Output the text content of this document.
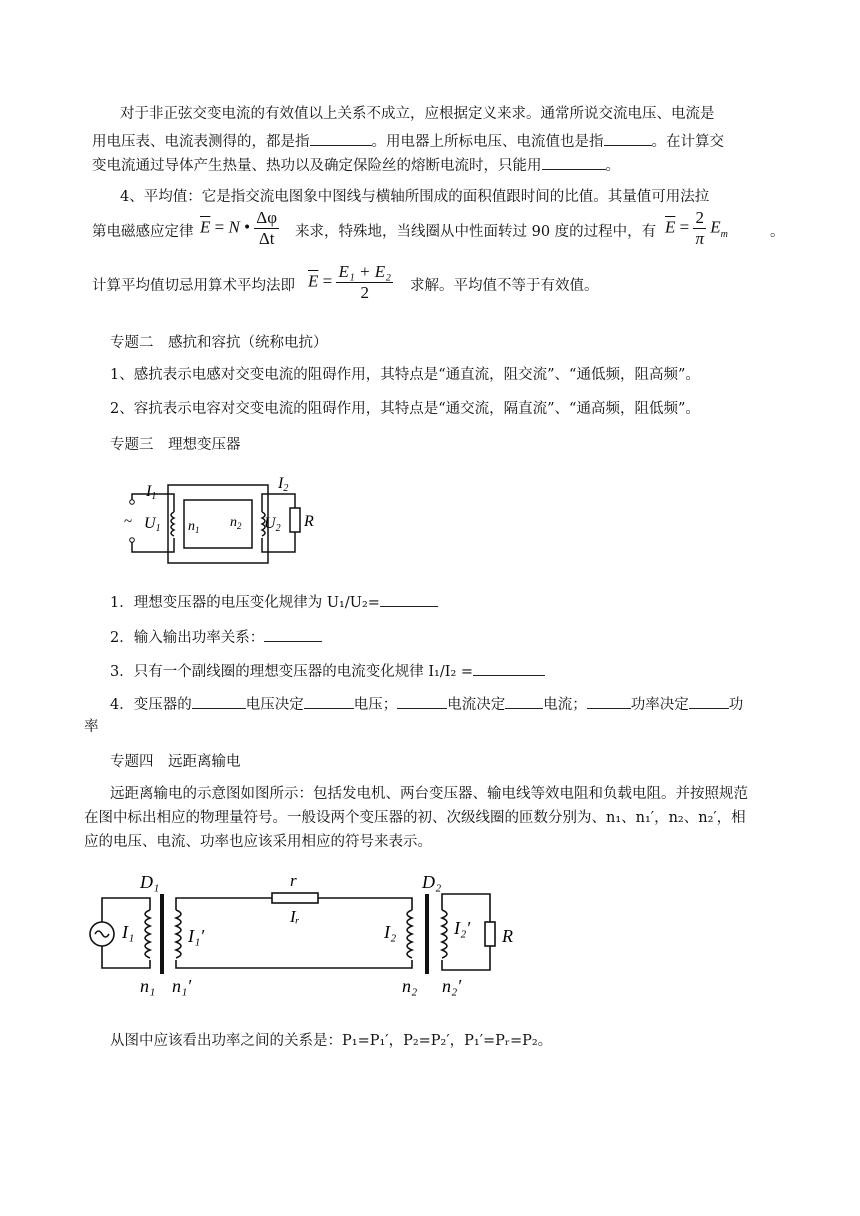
对于非正弦交变电流的有效值以上关系不成立，应根据定义来求。通常所说交流电压、电流是
用电压表、电流表测得的，都是指	。用电器上所标电压、电流值也是指	。在计算交
变电流通过导体产生热量、热功以及确定保险丝的熔断电流时，只能用	。
4、平均值：它是指交流电图象中图线与横轴所围成的面积值跟时间的比值。其量值可用法拉
第电磁感应定律 $\overline{E} = N$ • $\frac{\Delta\varphi}{\Delta t}$ 来求，特殊地，当线圈从中性面转过 90 度的过程中，有 $\overline{E} = \frac{2}{\pi} E_m$	。
计算平均值切忌用算术平均法即 $\overline{E} = \frac{\text{E₁ + E₂}}{2}$ 求解。平均值不等于有效值。
专题二　感抗和容抗（统称电抗）
1、感抗表示电感对交变电流的阻碍作用，其特点是“通直流，阻交流”、“通低频，阻高频”。
2、容抗表示电容对交变电流的阻碍作用，其特点是“通交流，隔直流”、“通高频，阻低频”。
专题三　理想变压器
~
I1
U1 $n_1$ $n_2$ U2
I2
R
1．理想变压器的电压变化规律为 U₁/U₂=
2．输入输出功率关系：
3．只有一个副线圈的理想变压器的电流变化规律 I₁/I₂ =
4．变压器的	电压决定	电压；	电流决定	电流；	功率决定	功
率
专题四　远距离输电
远距离输电的示意图如图所示：包括发电机、两台变压器、输电线等效电阻和负载电阻。并按照规范
在图中标出相应的物理量符号。一般设两个变压器的初、次级线圈的匝数分别为、n₁、n₁′，n₂、n₂′，相
应的电压、电流、功率也应该采用相应的符号来表示。
D₁	D₂
r
Iᵣ
I₁	I₁′	I₂	I₂′ R
n₁ n₁′	n₂ n₂′
从图中应该看出功率之间的关系是：P₁=P₁′，P₂=P₂′，P₁′=Pᵣ=P₂。
